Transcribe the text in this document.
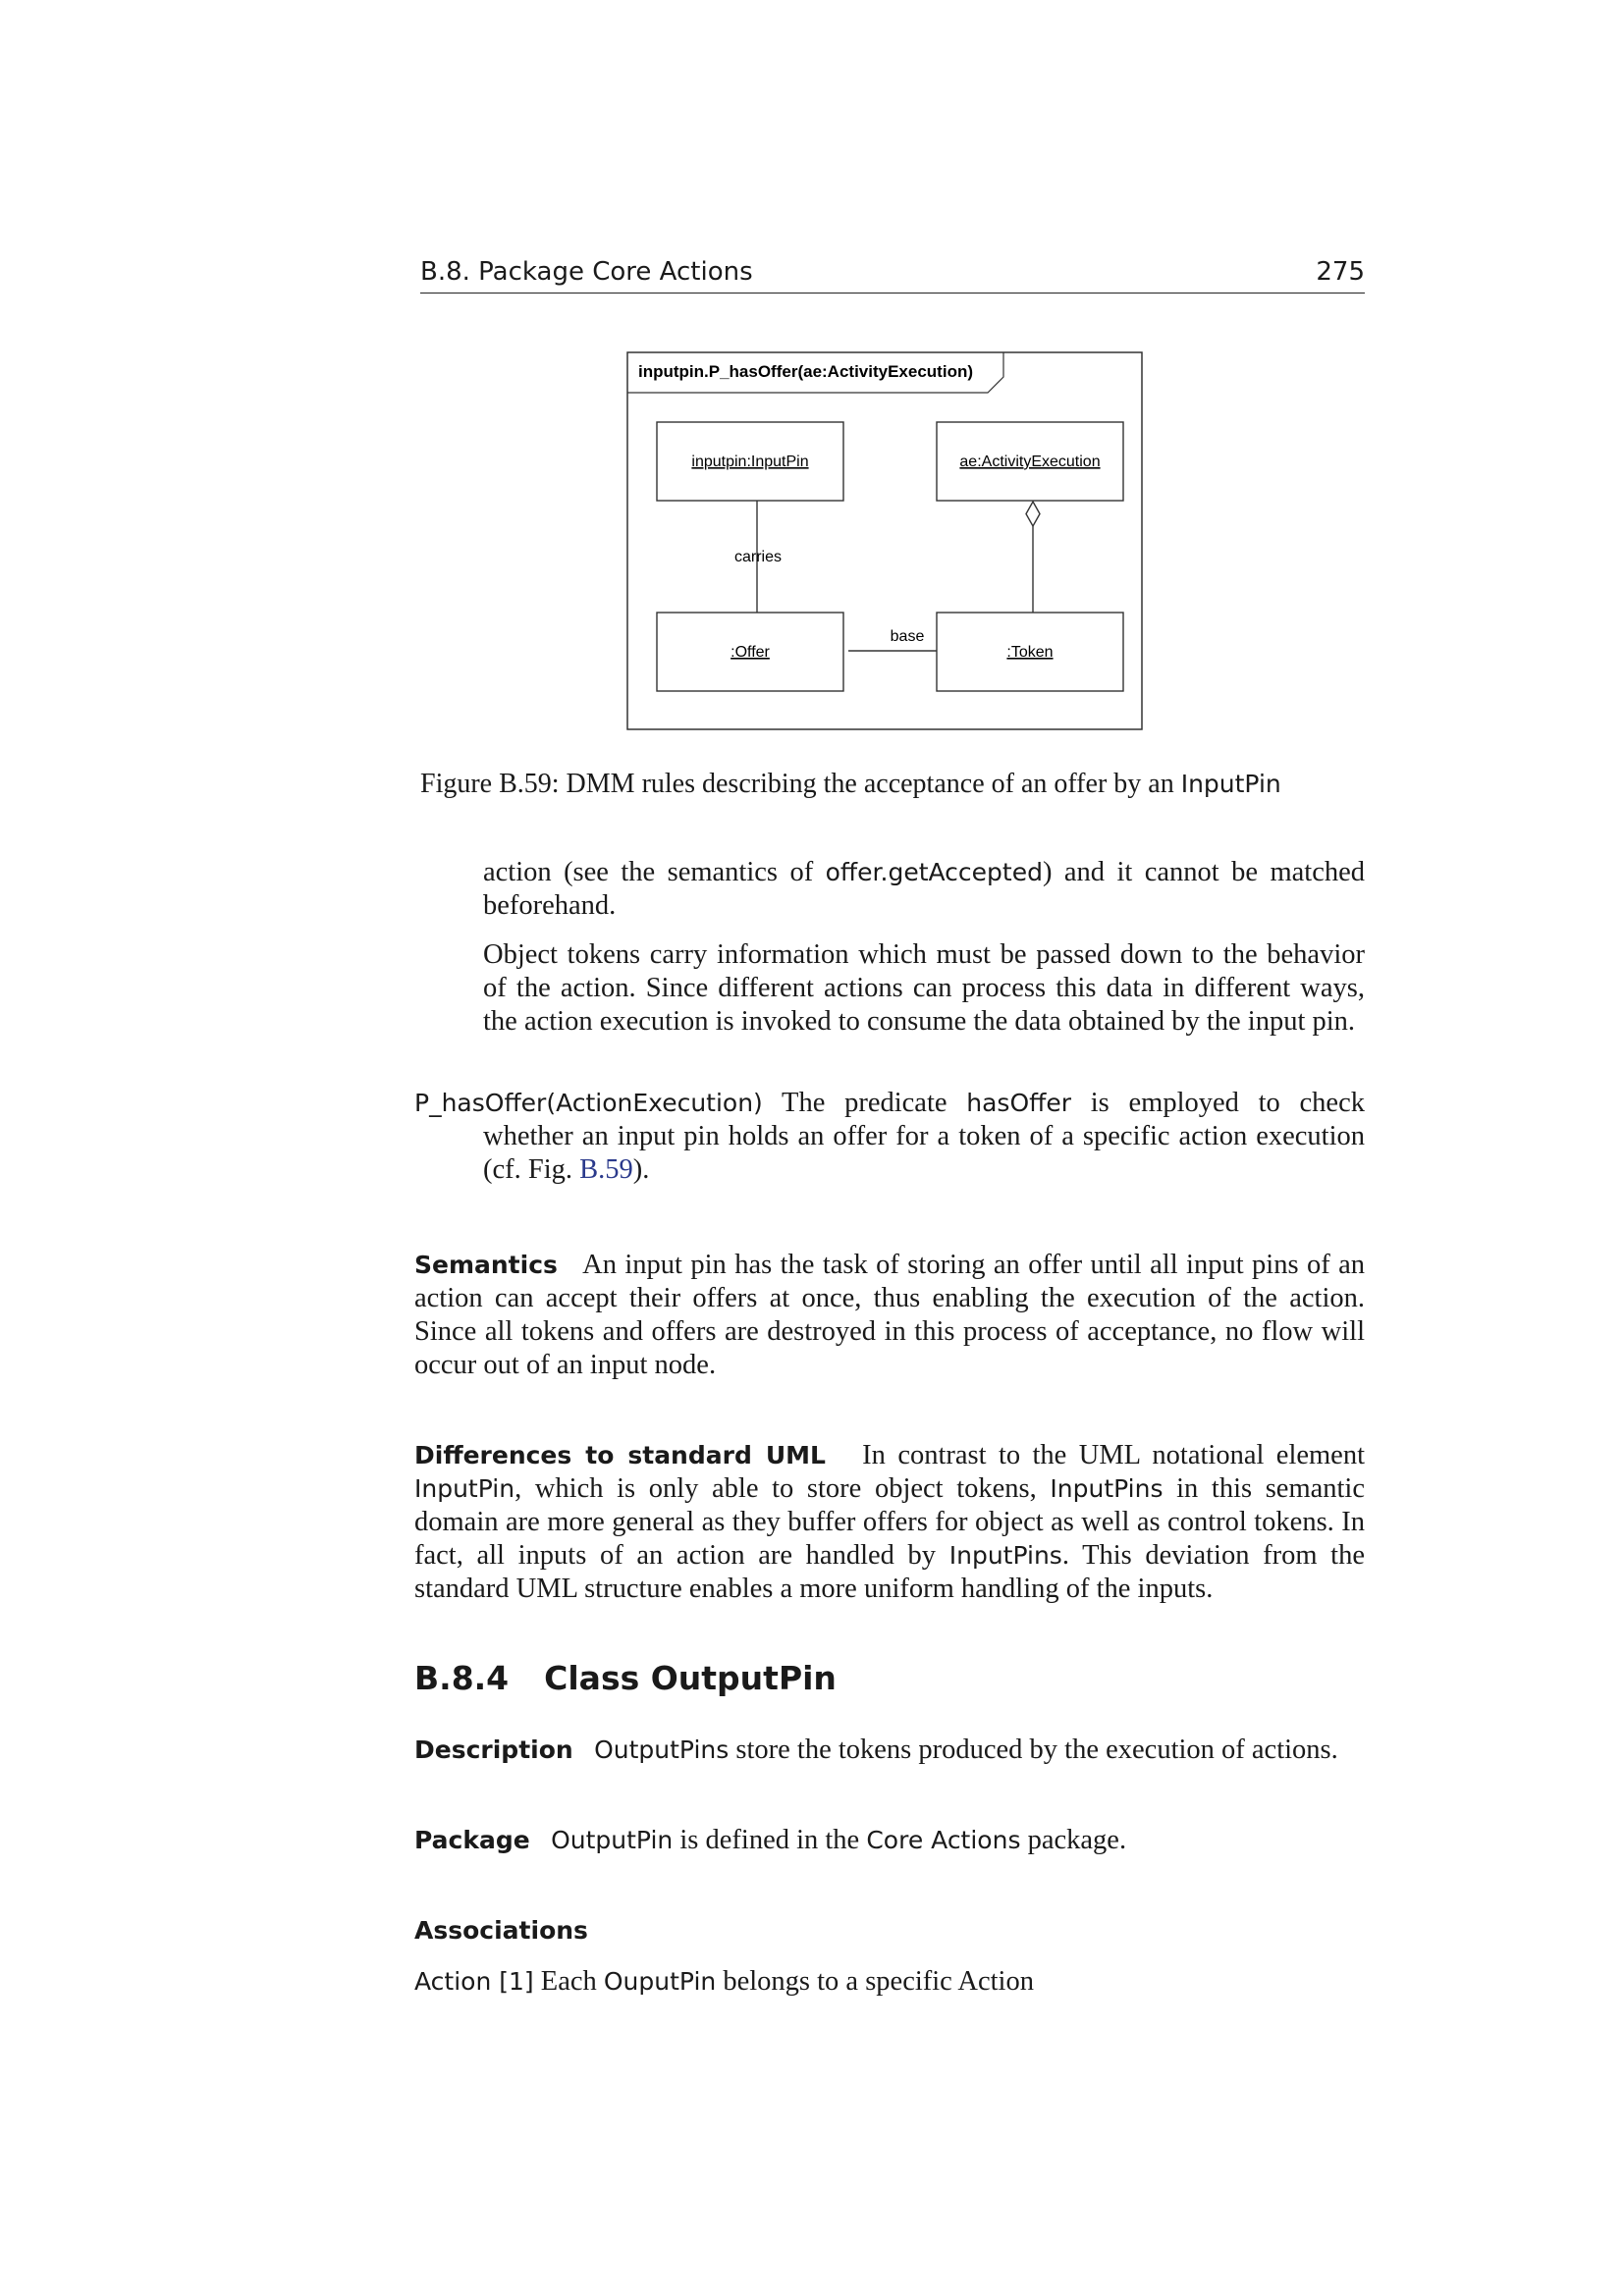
B.8. Package Core Actions	275
inputpin.P_hasOffer(ae:ActivityExecution)
inputpin:InputPin	ae:ActivityExecution
:Offer	:Token
carries
base
Figure B.59: DMM rules describing the acceptance of an offer by an InputPin

action (see the semantics of offer.getAccepted) and it cannot be matched beforehand.

Object tokens carry information which must be passed down to the behavior of the action. Since different actions can process this data in different ways, the action execution is invoked to consume the data obtained by the input pin.

P_hasOffer(ActionExecution) The predicate hasOffer is employed to check whether an input pin holds an offer for a token of a specific action execution (cf. Fig. B.59).

Semantics An input pin has the task of storing an offer until all input pins of an action can accept their offers at once, thus enabling the execution of the action. Since all tokens and offers are destroyed in this process of acceptance, no flow will occur out of an input node.

Differences to standard UML In contrast to the UML notational element InputPin, which is only able to store object tokens, InputPins in this semantic domain are more general as they buffer offers for object as well as control tokens. In fact, all inputs of an action are handled by InputPins. This deviation from the standard UML structure enables a more uniform handling of the inputs.

B.8.4 Class OutputPin

Description OutputPins store the tokens produced by the execution of actions.

Package OutputPin is defined in the Core Actions package.

Associations

Action [1] Each OuputPin belongs to a specific Action
